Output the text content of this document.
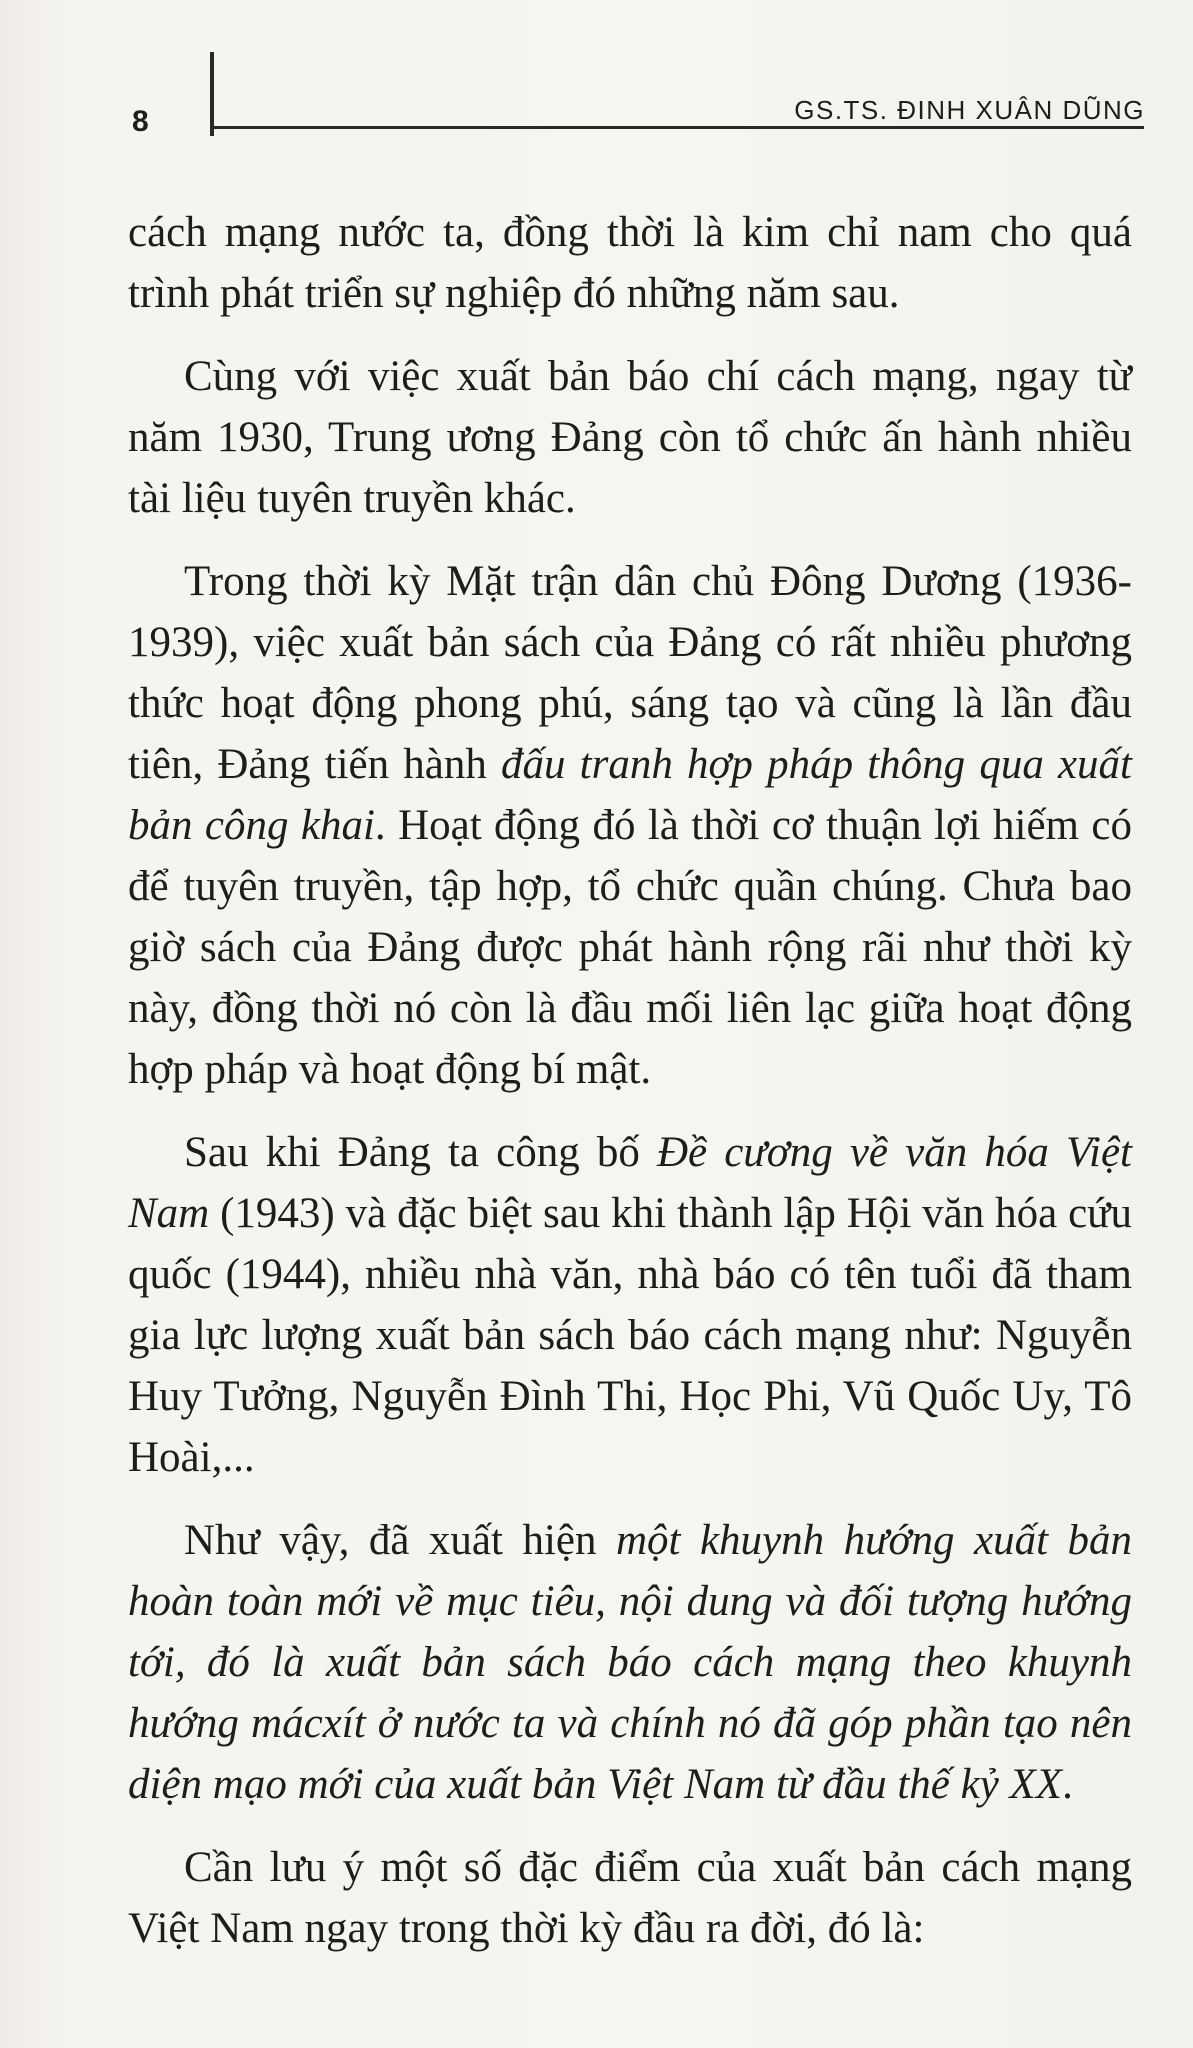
8	GS.TS. ĐINH XUÂN DŨNG

cách mạng nước ta, đồng thời là kim chỉ nam cho quá trình phát triển sự nghiệp đó những năm sau.

Cùng với việc xuất bản báo chí cách mạng, ngay từ năm 1930, Trung ương Đảng còn tổ chức ấn hành nhiều tài liệu tuyên truyền khác.

Trong thời kỳ Mặt trận dân chủ Đông Dương (1936-1939), việc xuất bản sách của Đảng có rất nhiều phương thức hoạt động phong phú, sáng tạo và cũng là lần đầu tiên, Đảng tiến hành đấu tranh hợp pháp thông qua xuất bản công khai. Hoạt động đó là thời cơ thuận lợi hiếm có để tuyên truyền, tập hợp, tổ chức quần chúng. Chưa bao giờ sách của Đảng được phát hành rộng rãi như thời kỳ này, đồng thời nó còn là đầu mối liên lạc giữa hoạt động hợp pháp và hoạt động bí mật.

Sau khi Đảng ta công bố Đề cương về văn hóa Việt Nam (1943) và đặc biệt sau khi thành lập Hội văn hóa cứu quốc (1944), nhiều nhà văn, nhà báo có tên tuổi đã tham gia lực lượng xuất bản sách báo cách mạng như: Nguyễn Huy Tưởng, Nguyễn Đình Thi, Học Phi, Vũ Quốc Uy, Tô Hoài,...

Như vậy, đã xuất hiện một khuynh hướng xuất bản hoàn toàn mới về mục tiêu, nội dung và đối tượng hướng tới, đó là xuất bản sách báo cách mạng theo khuynh hướng mácxít ở nước ta và chính nó đã góp phần tạo nên diện mạo mới của xuất bản Việt Nam từ đầu thế kỷ XX.

Cần lưu ý một số đặc điểm của xuất bản cách mạng Việt Nam ngay trong thời kỳ đầu ra đời, đó là:
